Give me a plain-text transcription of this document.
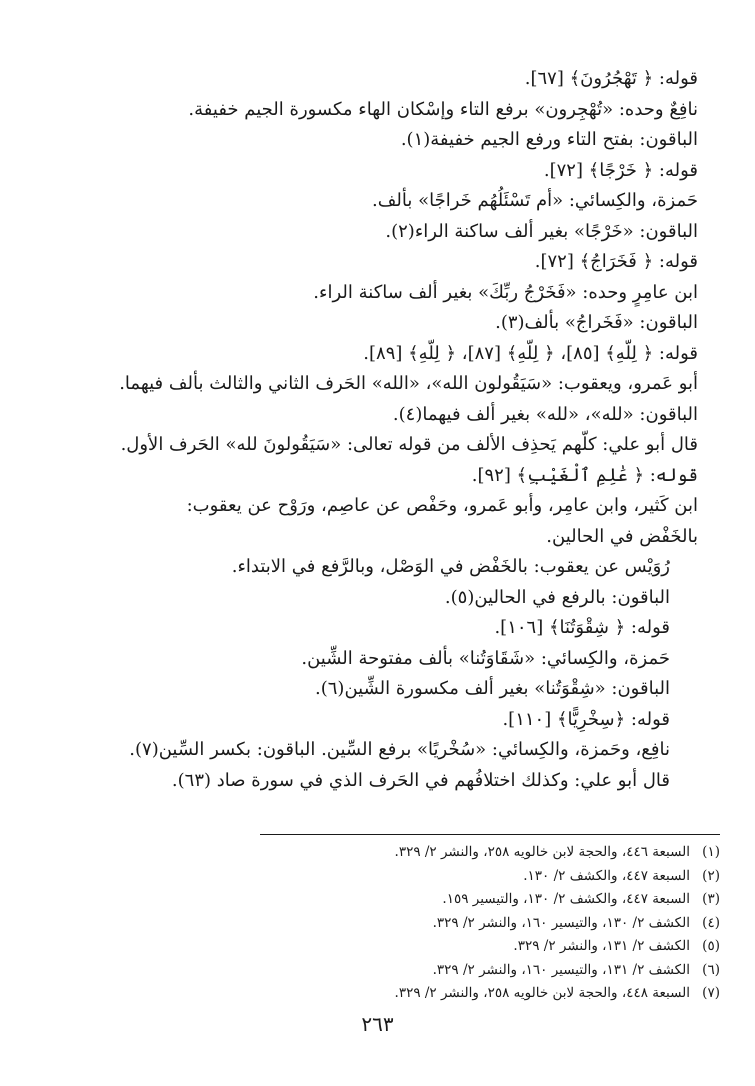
قوله: ﴿ تَهْجُرُونَ﴾ [٦٧].
نافِعٌ وحده: «تُهْجِرون» برفع التاء وإسْكان الهاء مكسورة الجيم خفيفة.
الباقون: بفتح التاء ورفع الجيم خفيفة(١).
قوله: ﴿ خَرْجًا﴾ [٧٢].
حَمزة، والكِسائي: «أم تَسْئَلُهُم خَراجًا» بألف.
الباقون: «خَرْجًا» بغير ألف ساكنة الراء(٢).
قوله: ﴿ فَخَرَاجُ﴾ [٧٢].
ابن عامِرٍ وحده: «فَخَرْجُ ربِّكَ» بغير ألف ساكنة الراء.
الباقون: «فَخَراجُ» بألف(٣).
قوله: ﴿ لِلَّهِ﴾ [٨٥]، ﴿ لِلَّهِ﴾ [٨٧]، ﴿ لِلَّهِ﴾ [٨٩].
أبو عَمرو، ويعقوب: «سَيَقُولون الله»، «الله» الحَرف الثاني والثالث بألف فيهما.
الباقون: «لله»، «لله» بغير ألف فيهما(٤).
قال أبو علي: كلُّهم يَحذِف الألف من قوله تعالى: «سَيَقُولونَ لله» الحَرف الأول.
قوله: ﴿ عَٰلِمِ ٱلْغَيْبِ﴾ [٩٢].
ابن كَثير، وابن عامِر، وأبو عَمرو، وحَفْص عن عاصِم، ورَوْح عن يعقوب:
بالخَفْض في الحالين.
رُوَيْس عن يعقوب: بالخَفْض في الوَصْل، وبالرَّفع في الابتداء.
الباقون: بالرفع في الحالين(٥).
قوله: ﴿ شِقْوَتُنَا﴾ [١٠٦].
حَمزة، والكِسائي: «شَقَاوَتُنا» بألف مفتوحة الشِّين.
الباقون: «شِقْوَتُنا» بغير ألف مكسورة الشِّين(٦).
قوله: ﴿سِخْرِيًّا﴾ [١١٠].
نافِع، وحَمزة، والكِسائي: «سُخْريًا» برفع السِّين. الباقون: بكسر السِّين(٧).
قال أبو علي: وكذلك اختلافُهم في الحَرف الذي في سورة صاد (٦٣).
(١)السبعة ٤٤٦، والحجة لابن خالويه ٢٥٨، والنشر ٢/ ٣٢٩.
(٢)السبعة ٤٤٧، والكشف ٢/ ١٣٠.
(٣)السبعة ٤٤٧، والكشف ٢/ ١٣٠، والتيسير ١٥٩.
(٤)الكشف ٢/ ١٣٠، والتيسير ١٦٠، والنشر ٢/ ٣٢٩.
(٥)الكشف ٢/ ١٣١، والنشر ٢/ ٣٢٩.
(٦)الكشف ٢/ ١٣١، والتيسير ١٦٠، والنشر ٢/ ٣٢٩.
(٧)السبعة ٤٤٨، والحجة لابن خالويه ٢٥٨، والنشر ٢/ ٣٢٩.
٢٦٣
